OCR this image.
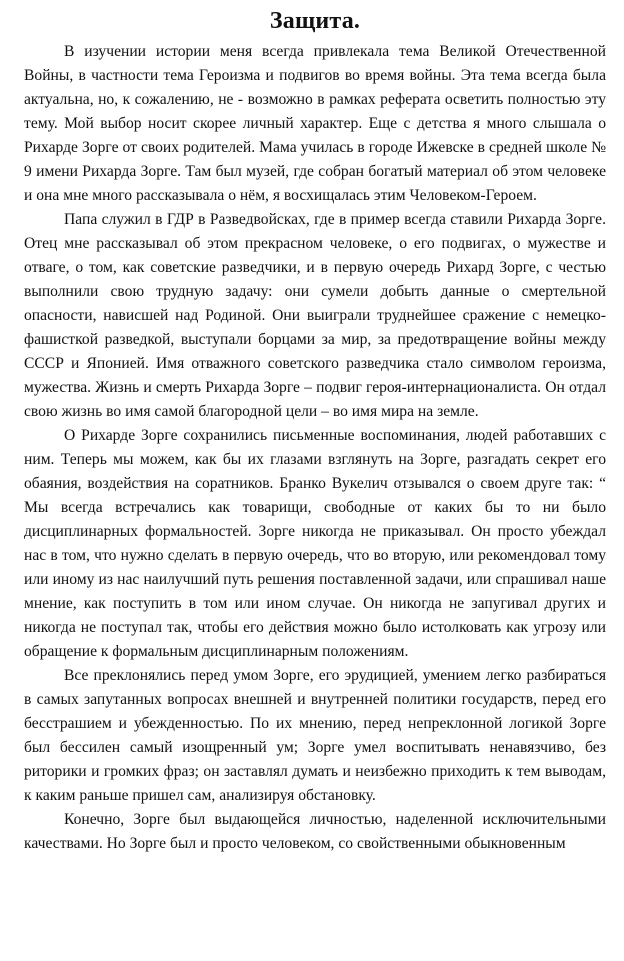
Защита.

В изучении истории меня всегда привлекала тема Великой Отечественной Войны, в частности тема Героизма и подвигов во время войны. Эта тема всегда была актуальна, но, к сожалению, не - возможно в рамках реферата осветить полностью эту тему. Мой выбор носит скорее личный характер. Еще с детства я много слышала о Рихарде Зорге от своих родителей. Мама училась в городе Ижевске в средней школе № 9 имени Рихарда Зорге. Там был музей, где собран богатый материал об этом человеке и она мне много рассказывала о нём, я восхищалась этим Человеком-Героем.

Папа служил в ГДР в Разведвойсках, где в пример всегда ставили Рихарда Зорге. Отец мне рассказывал об этом прекрасном человеке, о его подвигах, о мужестве и отваге, о том, как советские разведчики, и в первую очередь Рихард Зорге, с честью выполнили свою трудную задачу: они сумели добыть данные о смертельной опасности, нависшей над Родиной. Они выиграли труднейшее сражение с немецко-фашисткой разведкой, выступали борцами за мир, за предотвращение войны между СССР и Японией. Имя отважного советского разведчика стало символом героизма, мужества. Жизнь и смерть Рихарда Зорге – подвиг героя-интернационалиста. Он отдал свою жизнь во имя самой благородной цели – во имя мира на земле.

О Рихарде Зорге сохранились письменные воспоминания, людей работавших с ним. Теперь мы можем, как бы их глазами взглянуть на Зорге, разгадать секрет его обаяния, воздействия на соратников. Бранко Вукелич отзывался о своем друге так: “ Мы всегда встречались как товарищи, свободные от каких бы то ни было дисциплинарных формальностей. Зорге никогда не приказывал. Он просто убеждал нас в том, что нужно сделать в первую очередь, что во вторую, или рекомендовал тому или иному из нас наилучший путь решения поставленной задачи, или спрашивал наше мнение, как поступить в том или ином случае. Он никогда не запугивал других и никогда не поступал так, чтобы его действия можно было истолковать как угрозу или обращение к формальным дисциплинарным положениям.

Все преклонялись перед умом Зорге, его эрудицией, умением легко разбираться в самых запутанных вопросах внешней и внутренней политики государств, перед его бесстрашием и убежденностью. По их мнению, перед непреклонной логикой Зорге был бессилен самый изощренный ум; Зорге умел воспитывать ненавязчиво, без риторики и громких фраз; он заставлял думать и неизбежно приходить к тем выводам, к каким раньше пришел сам, анализируя обстановку.

Конечно, Зорге был выдающейся личностью, наделенной исключительными качествами. Но Зорге был и просто человеком, со свойственными обыкновенным
